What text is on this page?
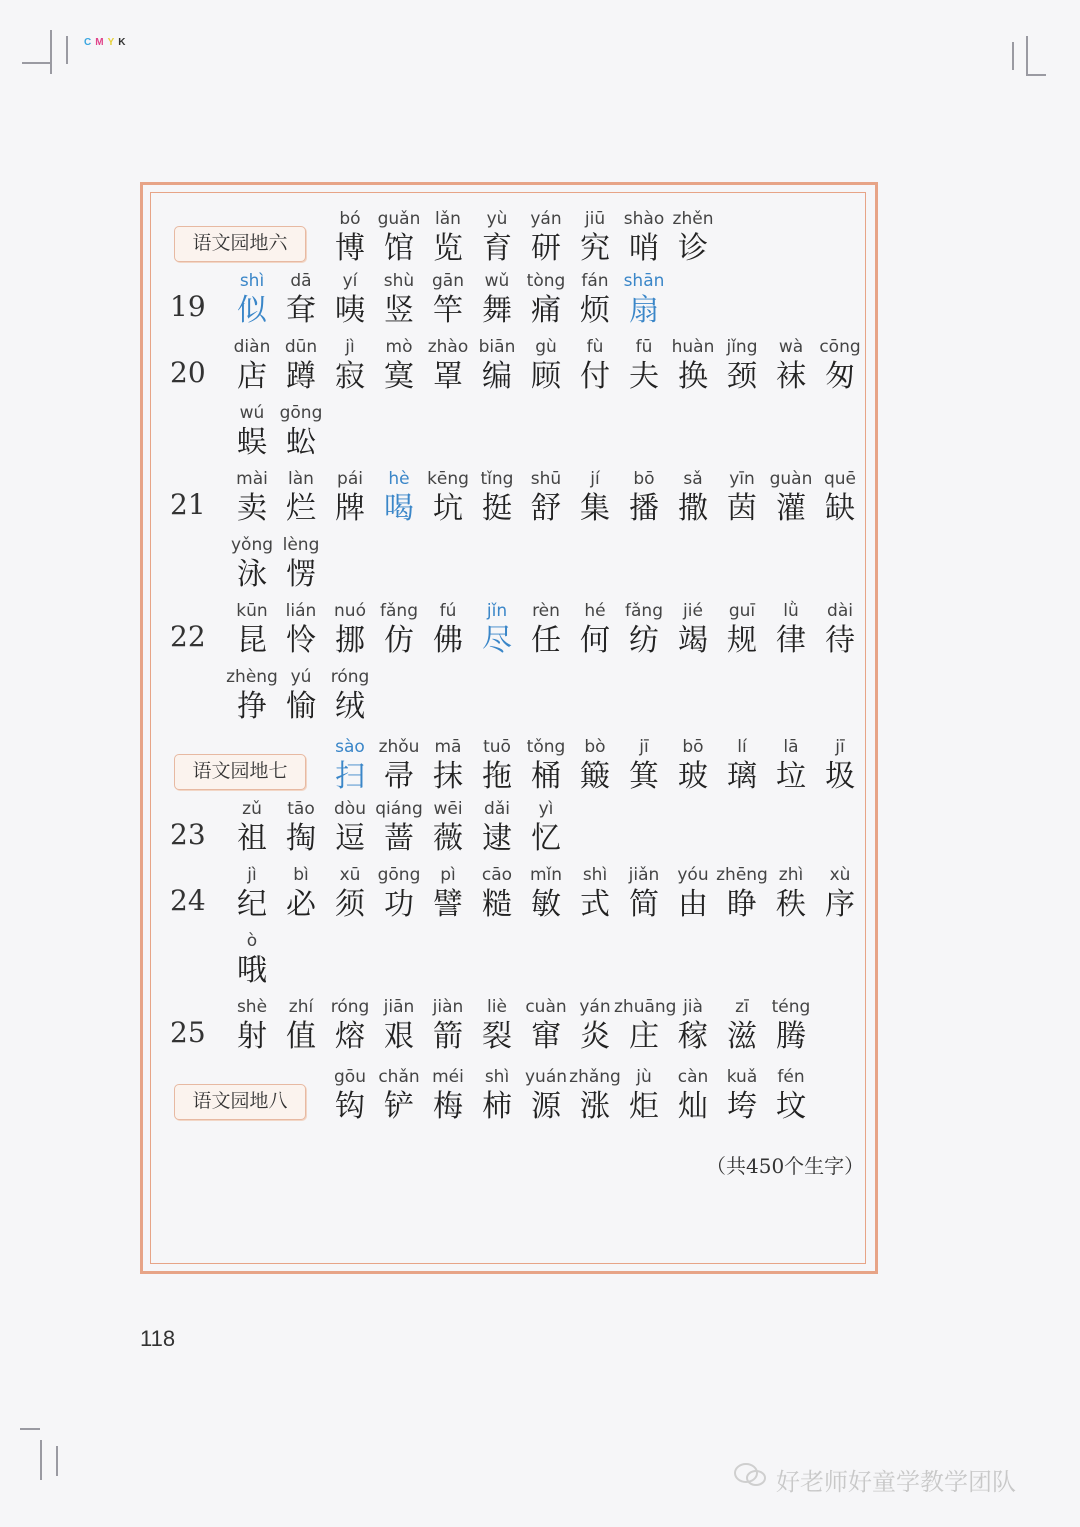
CMYK
语文园地六
bó
博
guǎn
馆
lǎn
览
yù
育
yán
研
jiū
究
shào
哨
zhěn
诊
19
shì
似
dā
耷
yí
咦
shù
竖
gān
竿
wǔ
舞
tòng
痛
fán
烦
shān
扇
20
diàn
店
dūn
蹲
jì
寂
mò
寞
zhào
罩
biān
编
gù
顾
fù
付
fū
夫
huàn
换
jǐng
颈
wà
袜
cōng
匆
wú
蜈
gōng
蚣
21
mài
卖
làn
烂
pái
牌
hè
喝
kēng
坑
tǐng
挺
shū
舒
jí
集
bō
播
sǎ
撒
yīn
茵
guàn
灌
quē
缺
yǒng
泳
lèng
愣
22
kūn
昆
lián
怜
nuó
挪
fǎng
仿
fú
佛
jǐn
尽
rèn
任
hé
何
fǎng
纺
jié
竭
guī
规
lǜ
律
dài
待
zhèng
挣
yú
愉
róng
绒
语文园地七
sào
扫
zhǒu
帚
mā
抹
tuō
拖
tǒng
桶
bò
簸
jī
箕
bō
玻
lí
璃
lā
垃
jī
圾
23
zǔ
祖
tāo
掏
dòu
逗
qiáng
蔷
wēi
薇
dǎi
逮
yì
忆
24
jì
纪
bì
必
xū
须
gōng
功
pì
譬
cāo
糙
mǐn
敏
shì
式
jiǎn
简
yóu
由
zhēng
睁
zhì
秩
xù
序
ò
哦
25
shè
射
zhí
值
róng
熔
jiān
艰
jiàn
箭
liè
裂
cuàn
窜
yán
炎
zhuāng
庄
jià
稼
zī
滋
téng
腾
语文园地八
gōu
钩
chǎn
铲
méi
梅
shì
柿
yuán
源
zhǎng
涨
jù
炬
càn
灿
kuǎ
垮
fén
坟
（共450个生字）
118
好老师好童学教学团队
